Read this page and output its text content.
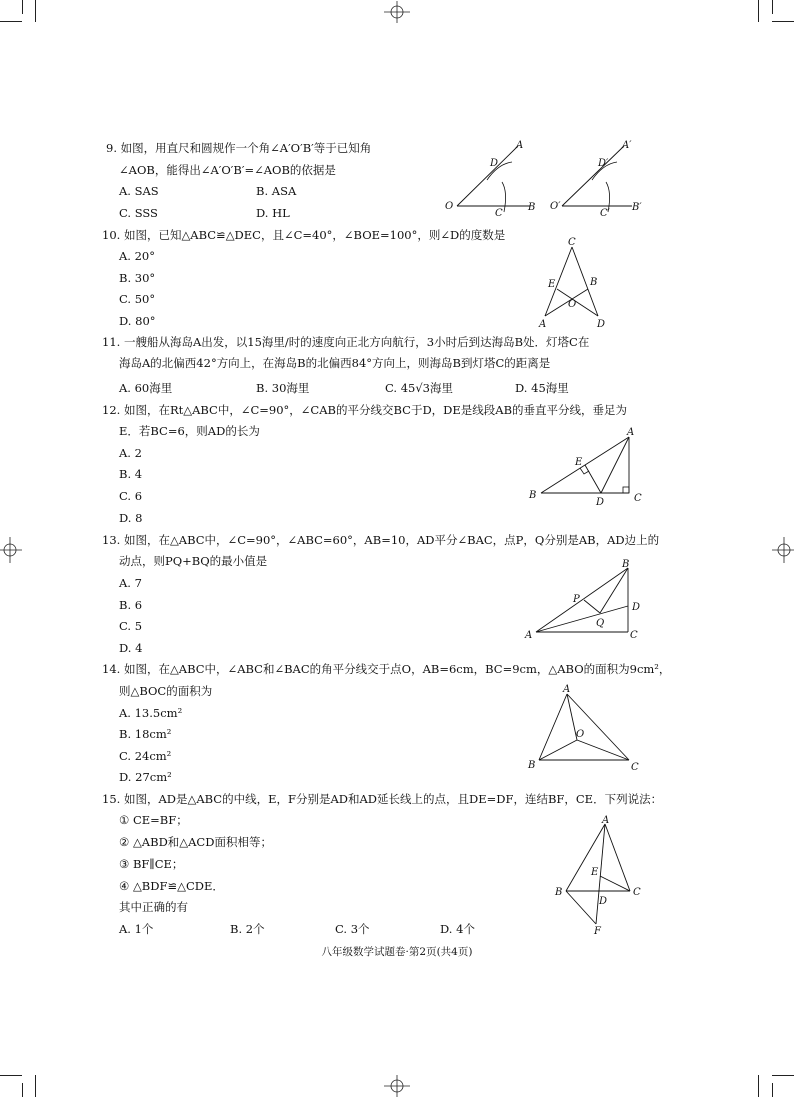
9. 如图，用直尺和圆规作一个角∠A′O′B′等于已知角
∠AOB，能得出∠A′O′B′=∠AOB的依据是
A. SAS	B. ASA
C. SSS	D. HL
A
D
O
C
B
A′
D′
O′
C′
B′
10. 如图，已知△ABC≌△DEC，且∠C=40°，∠BOE=100°，则∠D的度数是
A. 20°
B. 30°
C. 50°
D. 80°
C
E	B
O
A	D
11. 一艘船从海岛A出发，以15海里/时的速度向正北方向航行，3小时后到达海岛B处．灯塔C在
海岛A的北偏西42°方向上，在海岛B的北偏西84°方向上，则海岛B到灯塔C的距离是
A. 60海里	B. 30海里	C. 45√3海里	D. 45海里
12. 如图，在Rt△ABC中，∠C=90°，∠CAB的平分线交BC于D，DE是线段AB的垂直平分线，垂足为
E．若BC=6，则AD的长为
A. 2
B. 4
C. 6
D. 8
A
E
B
D	C
13. 如图，在△ABC中，∠C=90°，∠ABC=60°，AB=10，AD平分∠BAC，点P，Q分别是AB，AD边上的
动点，则PQ+BQ的最小值是
A. 7
B. 6
C. 5
D. 4
B
P
D
Q
A	C
14. 如图，在△ABC中，∠ABC和∠BAC的角平分线交于点O，AB=6cm，BC=9cm，△ABO的面积为9cm²，
则△BOC的面积为
A. 13.5cm²
B. 18cm²
C. 24cm²
D. 27cm²
A
O
B	C
15. 如图，AD是△ABC的中线，E，F分别是AD和AD延长线上的点，且DE=DF，连结BF，CE．下列说法：
① CE=BF；
② △ABD和△ACD面积相等；
③ BF∥CE；
④ △BDF≌△CDE．
其中正确的有
A. 1个	B. 2个	C. 3个	D. 4个
A
E
B	C
D
F
八年级数学试题卷·第2页(共4页)
